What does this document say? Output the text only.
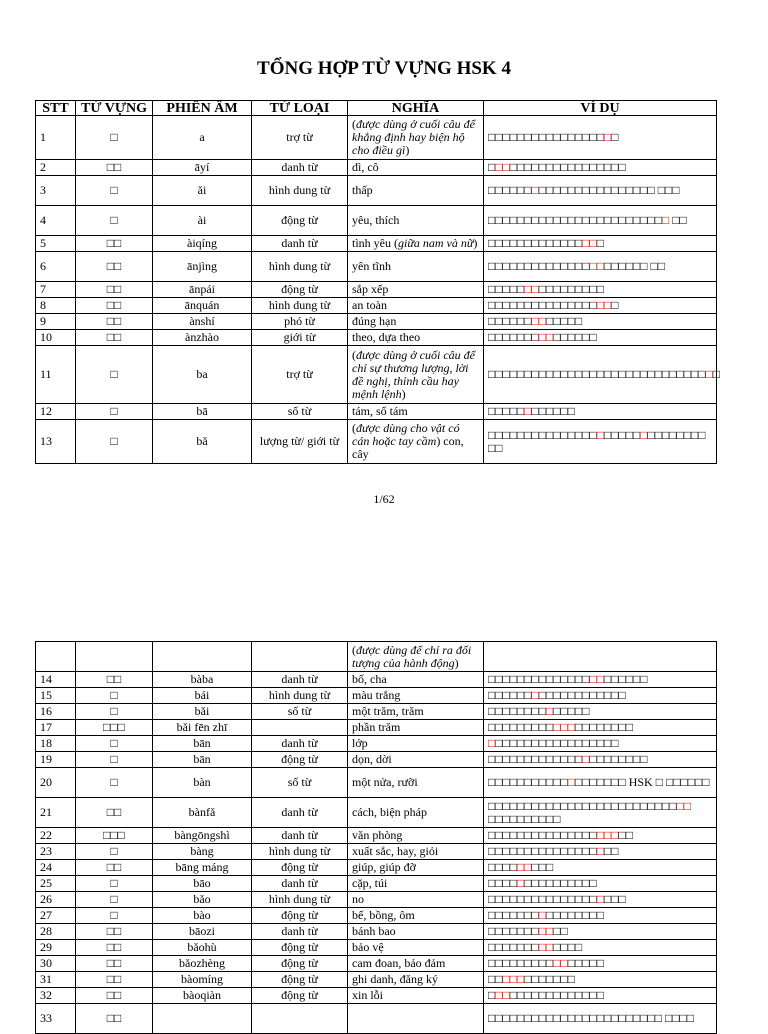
TỔNG HỢP TỪ VỰNG HSK 4
STT	TỪ VỰNG	PHIÊN ÂM	TỪ LOẠI	NGHĨA	VÍ DỤ
1	□	a	trợ từ	(được dùng ở cuối câu để khẳng định hay biện hộ cho điều gì)	□□□□□□□□□□□□□□□□□□
2	□□	āyí	danh từ	dì, cô	□□□□□□□□□□□□□□□□□□□
3	□	ǎi	hình dung từ	thấp	□□□□□□□□□□□□□□□□□□□□□□□ □□□
4	□	ài	động từ	yêu, thích	□□□□□□□□□□□□□□□□□□□□□□□□□ □□
5	□□	àiqíng	danh từ	tình yêu (giữa nam và nữ)	□□□□□□□□□□□□□□□□
6	□□	ānjìng	hình dung từ	yên tĩnh	□□□□□□□□□□□□□□□□□□□□□□ □□
7	□□	ānpái	động từ	sắp xếp	□□□□□□□□□□□□□□□□
8	□□	ānquán	hình dung từ	an toàn	□□□□□□□□□□□□□□□□□□
9	□□	ànshí	phó từ	đúng hạn	□□□□□□□□□□□□□
10	□□	ànzhào	giới từ	theo, dựa theo	□□□□□□□□□□□□□□□
11	□	ba	trợ từ	(được dùng ở cuối câu để chỉ sự thương lượng, lời đề nghị, thỉnh cầu hay mệnh lệnh)	□□□□□□□□□□□□□□□□□□□□□□□□□□□□□□□□
12	□	bā	số từ	tám, số tám	□□□□□□□□□□□□
13	□	bǎ	lượng từ/ giới từ	(được dùng cho vật có cán hoặc tay cầm) con, cây	□□□□□□□□□□□□□□□□□□□□□□□□□□□□□□ □□
1/62
				(được dùng để chỉ ra đối tượng của hành động)	
14	□□	bàba	danh từ	bố, cha	□□□□□□□□□□□□□□□□□□□□□□
15	□	bái	hình dung từ	màu trắng	□□□□□□□□□□□□□□□□□□□
16	□	bǎi	số từ	một trăm, trăm	□□□□□□□□□□□□□□
17	□□□	bǎi fēn zhī		phần trăm	□□□□□□□□□□□□□□□□□□□□
18	□	bān	danh từ	lớp	□□□□□□□□□□□□□□□□□□
19	□	bān	động từ	dọn, dời	□□□□□□□□□□□□□□□□□□□□□□
20	□	bàn	số từ	một nửa, rưỡi	□□□□□□□□□□□□□□□□□□□ HSK □ □□□□□□
21	□□	bànfǎ	danh từ	cách, biện pháp	□□□□□□□□□□□□□□□□□□□□□□□□□□□□ □□□□□□□□□□
22	□□□	bàngōngshì	danh từ	văn phòng	□□□□□□□□□□□□□□□□□□□□
23	□	bàng	hình dung từ	xuất sắc, hay, giỏi	□□□□□□□□□□□□□□□□□□
24	□□	bāng máng	động từ	giúp, giúp đỡ	□□□□□□□□□
25	□	bāo	danh từ	cặp, túi	□□□□□□□□□□□□□□□
26	□	bǎo	hình dung từ	no	□□□□□□□□□□□□□□□□□□□
27	□	bào	động từ	bế, bồng, ôm	□□□□□□□□□□□□□□□□
28	□□	bāozi	danh từ	bánh bao	□□□□□□□□□□□
29	□□	bǎohù	động từ	bảo vệ	□□□□□□□□□□□□□
30	□□	bǎozhèng	động từ	cam đoan, bảo đảm	□□□□□□□□□□□□□□□□
31	□□	bàomíng	động từ	ghi danh, đăng ký	□□□□□□□□□□□□
32	□□	bàoqiàn	động từ	xin lỗi	□□□□□□□□□□□□□□□□
33	□□				□□□□□□□□□□□□□□□□□□□□□□□□ □□□□
